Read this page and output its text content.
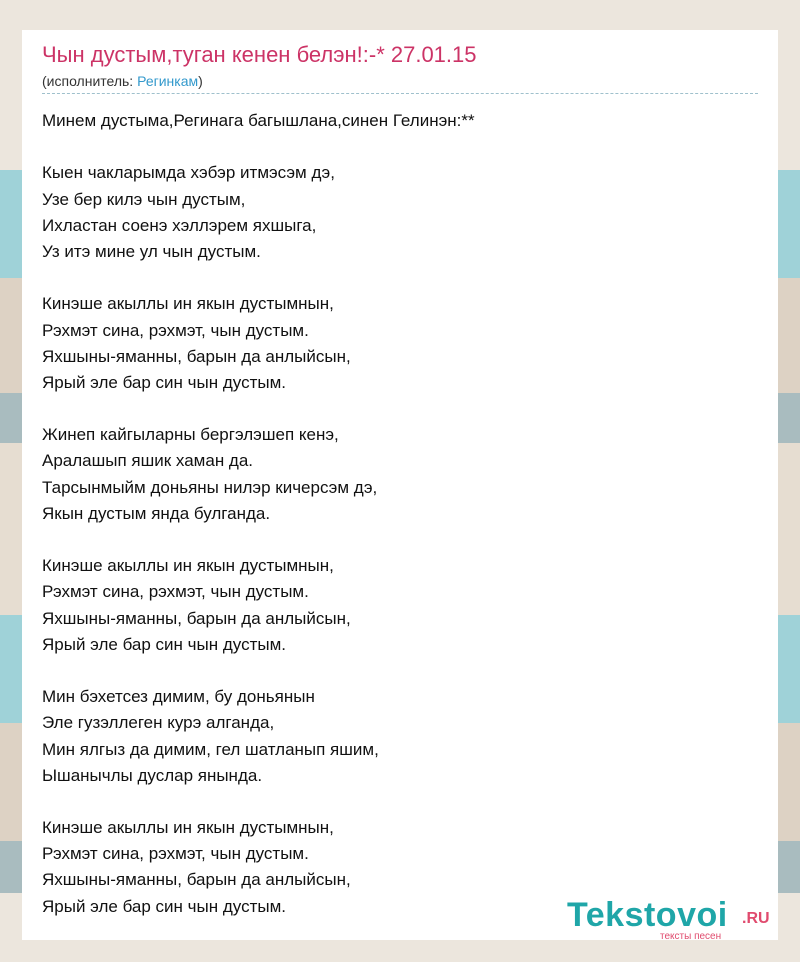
Чын дустым,туган кенен белэн!:-* 27.01.15
(исполнитель: Регинкам)
Минем дустыма,Регинага багышлана,синен Гелинэн:**
Кыен чакларымда хэбэр итмэсэм дэ,
Узе бер килэ чын дустым,
Ихластан соенэ хэллэрем яхшыга,
Уз итэ мине ул чын дустым.
Кинэше акыллы ин якын дустымнын,
Рэхмэт сина, рэхмэт, чын дустым.
Яхшыны-яманны, барын да анлыйсын,
Ярый эле бар син чын дустым.
Жинеп кайгыларны бергэлэшеп кенэ,
Аралашып яшик хаман да.
Тарсынмыйм доньяны нилэр кичерсэм дэ,
Якын дустым янда булганда.
Кинэше акыллы ин якын дустымнын,
Рэхмэт сина, рэхмэт, чын дустым.
Яхшыны-яманны, барын да анлыйсын,
Ярый эле бар син чын дустым.
Мин бэхетсез димим, бу доньянын
Эле гузэллеген курэ алганда,
Мин ялгыз да димим, гел шатланып яшим,
Ышанычлы дуслар янында.
Кинэше акыллы ин якын дустымнын,
Рэхмэт сина, рэхмэт, чын дустым.
Яхшыны-яманны, барын да анлыйсын,
Ярый эле бар син чын дустым.	Tekstovoi .RU
тексты песен
